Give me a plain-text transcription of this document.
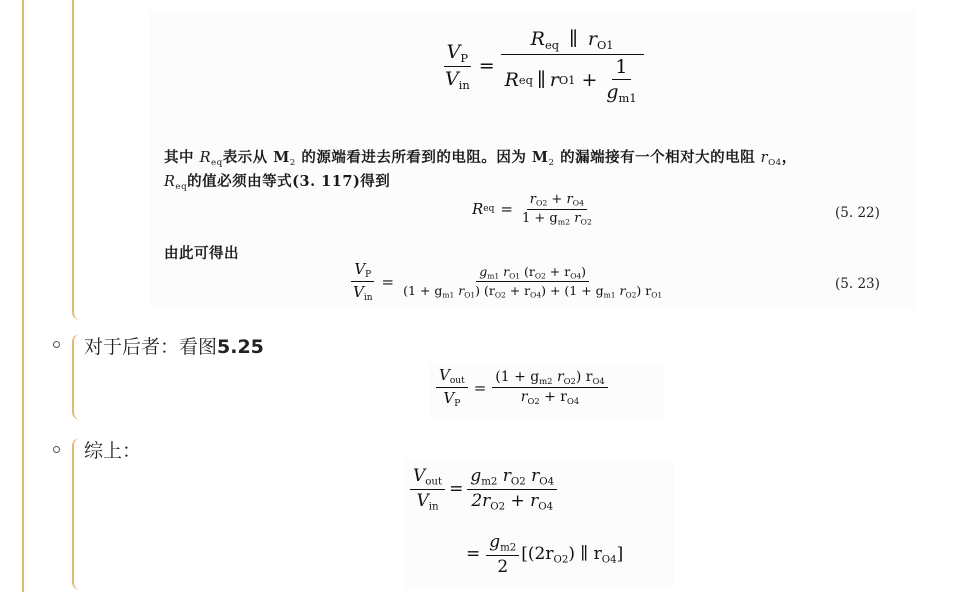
$\frac{V_P}{V_{in}}$ =
$R_{eq}$ ∥ $r_{O1}$
R eq ∥ r $O1 + \frac{1}{g_{m1}}$
其中 $R_{eq}$表示从 $M_2$ 的源端看进去所看到的电阻。因为 $M_2$ 的漏端接有一个相对大的电阻 $r_{O4}$，
$R_{eq}$的值必须由等式(3. 117)得到
R eq = $\frac{r_{O2} + r_{O4}}{1 + g_{m2} r_{O2}}$	(5. 22)
由此可得出
$\frac{V_P}{V_{in}} = \frac{g_{m1} r_{O1} (r_{O2} + r_{O4})}{(1 + g_{m1} r_{O1}) (r_{O2} + r_{O4}) + (1 + g_{m1} r_{O2}) r_{O1}}$	(5. 23)
对于后者：看图5.25
$\frac{V_{out}}{V_P} = \frac{(1 + g_{m2} r_{O2}) r_{O4}}{r_{O2} + r_{O4}}$
综上：
$\frac{V_{out}}{V_{in}} = \frac{g_{m2} r_{O2} r_{O4}}{2r_{O2} + r_{O4}}$
= $\frac{g_{m2}}{2} [(2r_{O2})$ ∥ $r_{O4}$]
